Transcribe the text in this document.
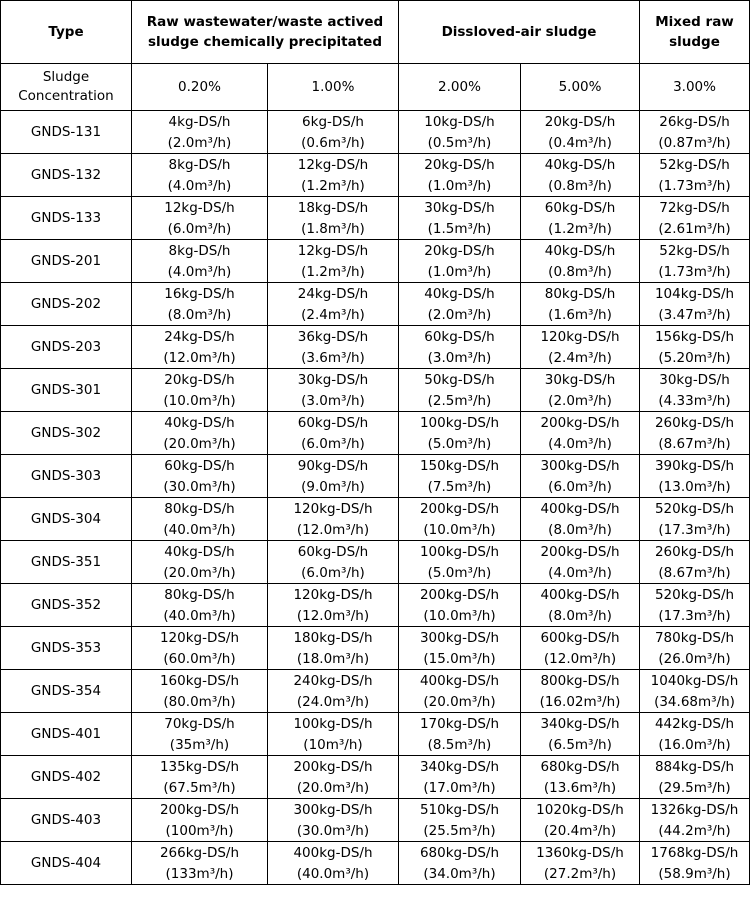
Type	Raw wastewater/waste actived sludge chemically precipitated		Dissloved-air sludge		Mixed raw sludge
Sludge Concentration	0.20%	1.00%	2.00%	5.00%	3.00%
GNDS-131	4kg-DS/h	6kg-DS/h	10kg-DS/h	20kg-DS/h	26kg-DS/h
	(2.0m³/h)	(0.6m³/h)	(0.5m³/h)	(0.4m³/h)	(0.87m³/h)
GNDS-132	8kg-DS/h	12kg-DS/h	20kg-DS/h	40kg-DS/h	52kg-DS/h
	(4.0m³/h)	(1.2m³/h)	(1.0m³/h)	(0.8m³/h)	(1.73m³/h)
GNDS-133	12kg-DS/h	18kg-DS/h	30kg-DS/h	60kg-DS/h	72kg-DS/h
	(6.0m³/h)	(1.8m³/h)	(1.5m³/h)	(1.2m³/h)	(2.61m³/h)
GNDS-201	8kg-DS/h	12kg-DS/h	20kg-DS/h	40kg-DS/h	52kg-DS/h
	(4.0m³/h)	(1.2m³/h)	(1.0m³/h)	(0.8m³/h)	(1.73m³/h)
GNDS-202	16kg-DS/h	24kg-DS/h	40kg-DS/h	80kg-DS/h	104kg-DS/h
	(8.0m³/h)	(2.4m³/h)	(2.0m³/h)	(1.6m³/h)	(3.47m³/h)
GNDS-203	24kg-DS/h	36kg-DS/h	60kg-DS/h	120kg-DS/h	156kg-DS/h
	(12.0m³/h)	(3.6m³/h)	(3.0m³/h)	(2.4m³/h)	(5.20m³/h)
GNDS-301	20kg-DS/h	30kg-DS/h	50kg-DS/h	30kg-DS/h	30kg-DS/h
	(10.0m³/h)	(3.0m³/h)	(2.5m³/h)	(2.0m³/h)	(4.33m³/h)
GNDS-302	40kg-DS/h	60kg-DS/h	100kg-DS/h	200kg-DS/h	260kg-DS/h
	(20.0m³/h)	(6.0m³/h)	(5.0m³/h)	(4.0m³/h)	(8.67m³/h)
GNDS-303	60kg-DS/h	90kg-DS/h	150kg-DS/h	300kg-DS/h	390kg-DS/h
	(30.0m³/h)	(9.0m³/h)	(7.5m³/h)	(6.0m³/h)	(13.0m³/h)
GNDS-304	80kg-DS/h	120kg-DS/h	200kg-DS/h	400kg-DS/h	520kg-DS/h
	(40.0m³/h)	(12.0m³/h)	(10.0m³/h)	(8.0m³/h)	(17.3m³/h)
GNDS-351	40kg-DS/h	60kg-DS/h	100kg-DS/h	200kg-DS/h	260kg-DS/h
	(20.0m³/h)	(6.0m³/h)	(5.0m³/h)	(4.0m³/h)	(8.67m³/h)
GNDS-352	80kg-DS/h	120kg-DS/h	200kg-DS/h	400kg-DS/h	520kg-DS/h
	(40.0m³/h)	(12.0m³/h)	(10.0m³/h)	(8.0m³/h)	(17.3m³/h)
GNDS-353	120kg-DS/h	180kg-DS/h	300kg-DS/h	600kg-DS/h	780kg-DS/h
	(60.0m³/h)	(18.0m³/h)	(15.0m³/h)	(12.0m³/h)	(26.0m³/h)
GNDS-354	160kg-DS/h	240kg-DS/h	400kg-DS/h	800kg-DS/h	1040kg-DS/h
	(80.0m³/h)	(24.0m³/h)	(20.0m³/h)	(16.02m³/h)	(34.68m³/h)
GNDS-401	70kg-DS/h	100kg-DS/h	170kg-DS/h	340kg-DS/h	442kg-DS/h
	(35m³/h)	(10m³/h)	(8.5m³/h)	(6.5m³/h)	(16.0m³/h)
GNDS-402	135kg-DS/h	200kg-DS/h	340kg-DS/h	680kg-DS/h	884kg-DS/h
	(67.5m³/h)	(20.0m³/h)	(17.0m³/h)	(13.6m³/h)	(29.5m³/h)
GNDS-403	200kg-DS/h	300kg-DS/h	510kg-DS/h	1020kg-DS/h	1326kg-DS/h
	(100m³/h)	(30.0m³/h)	(25.5m³/h)	(20.4m³/h)	(44.2m³/h)
GNDS-404	266kg-DS/h	400kg-DS/h	680kg-DS/h	1360kg-DS/h	1768kg-DS/h
	(133m³/h)	(40.0m³/h)	(34.0m³/h)	(27.2m³/h)	(58.9m³/h)
